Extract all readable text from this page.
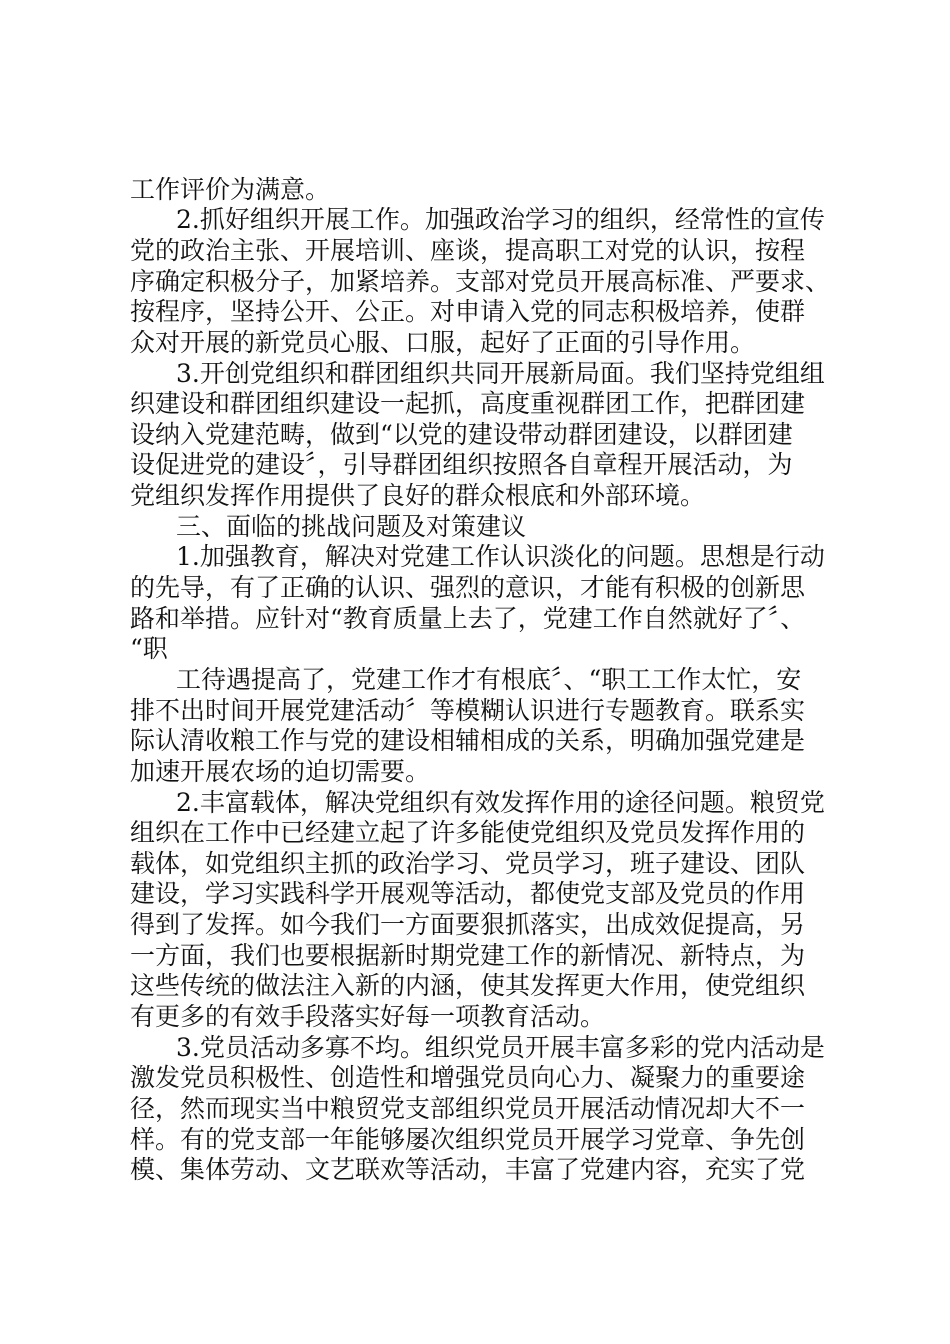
工作评价为满意。
2.抓好组织开展工作。加强政治学习的组织，经常性的宣传
党的政治主张、开展培训、座谈，提高职工对党的认识，按程
序确定积极分子，加紧培养。支部对党员开展高标准、严要求、
按程序，坚持公开、公正。对申请入党的同志积极培养，使群
众对开展的新党员心服、口服，起好了正面的引导作用。
3.开创党组织和群团组织共同开展新局面。我们坚持党组组
织建设和群团组织建设一起抓，高度重视群团工作，把群团建
设纳入党建范畴，做到“以党的建设带动群团建设，以群团建
设促进党的建设〞，引导群团组织按照各自章程开展活动，为
党组织发挥作用提供了良好的群众根底和外部环境。
三、面临的挑战问题及对策建议
1.加强教育，解决对党建工作认识淡化的问题。思想是行动
的先导，有了正确的认识、强烈的意识，才能有积极的创新思
路和举措。应针对“教育质量上去了，党建工作自然就好了〞、
“职
工待遇提高了，党建工作才有根底〞、“职工工作太忙，安
排不出时间开展党建活动〞等模糊认识进行专题教育。联系实
际认清收粮工作与党的建设相辅相成的关系，明确加强党建是
加速开展农场的迫切需要。
2.丰富载体，解决党组织有效发挥作用的途径问题。粮贸党
组织在工作中已经建立起了许多能使党组织及党员发挥作用的
载体，如党组织主抓的政治学习、党员学习，班子建设、团队
建设，学习实践科学开展观等活动，都使党支部及党员的作用
得到了发挥。如今我们一方面要狠抓落实，出成效促提高，另
一方面，我们也要根据新时期党建工作的新情况、新特点，为
这些传统的做法注入新的内涵，使其发挥更大作用，使党组织
有更多的有效手段落实好每一项教育活动。
3.党员活动多寡不均。组织党员开展丰富多彩的党内活动是
激发党员积极性、创造性和增强党员向心力、凝聚力的重要途
径，然而现实当中粮贸党支部组织党员开展活动情况却大不一
样。有的党支部一年能够屡次组织党员开展学习党章、争先创
模、集体劳动、文艺联欢等活动，丰富了党建内容，充实了党
